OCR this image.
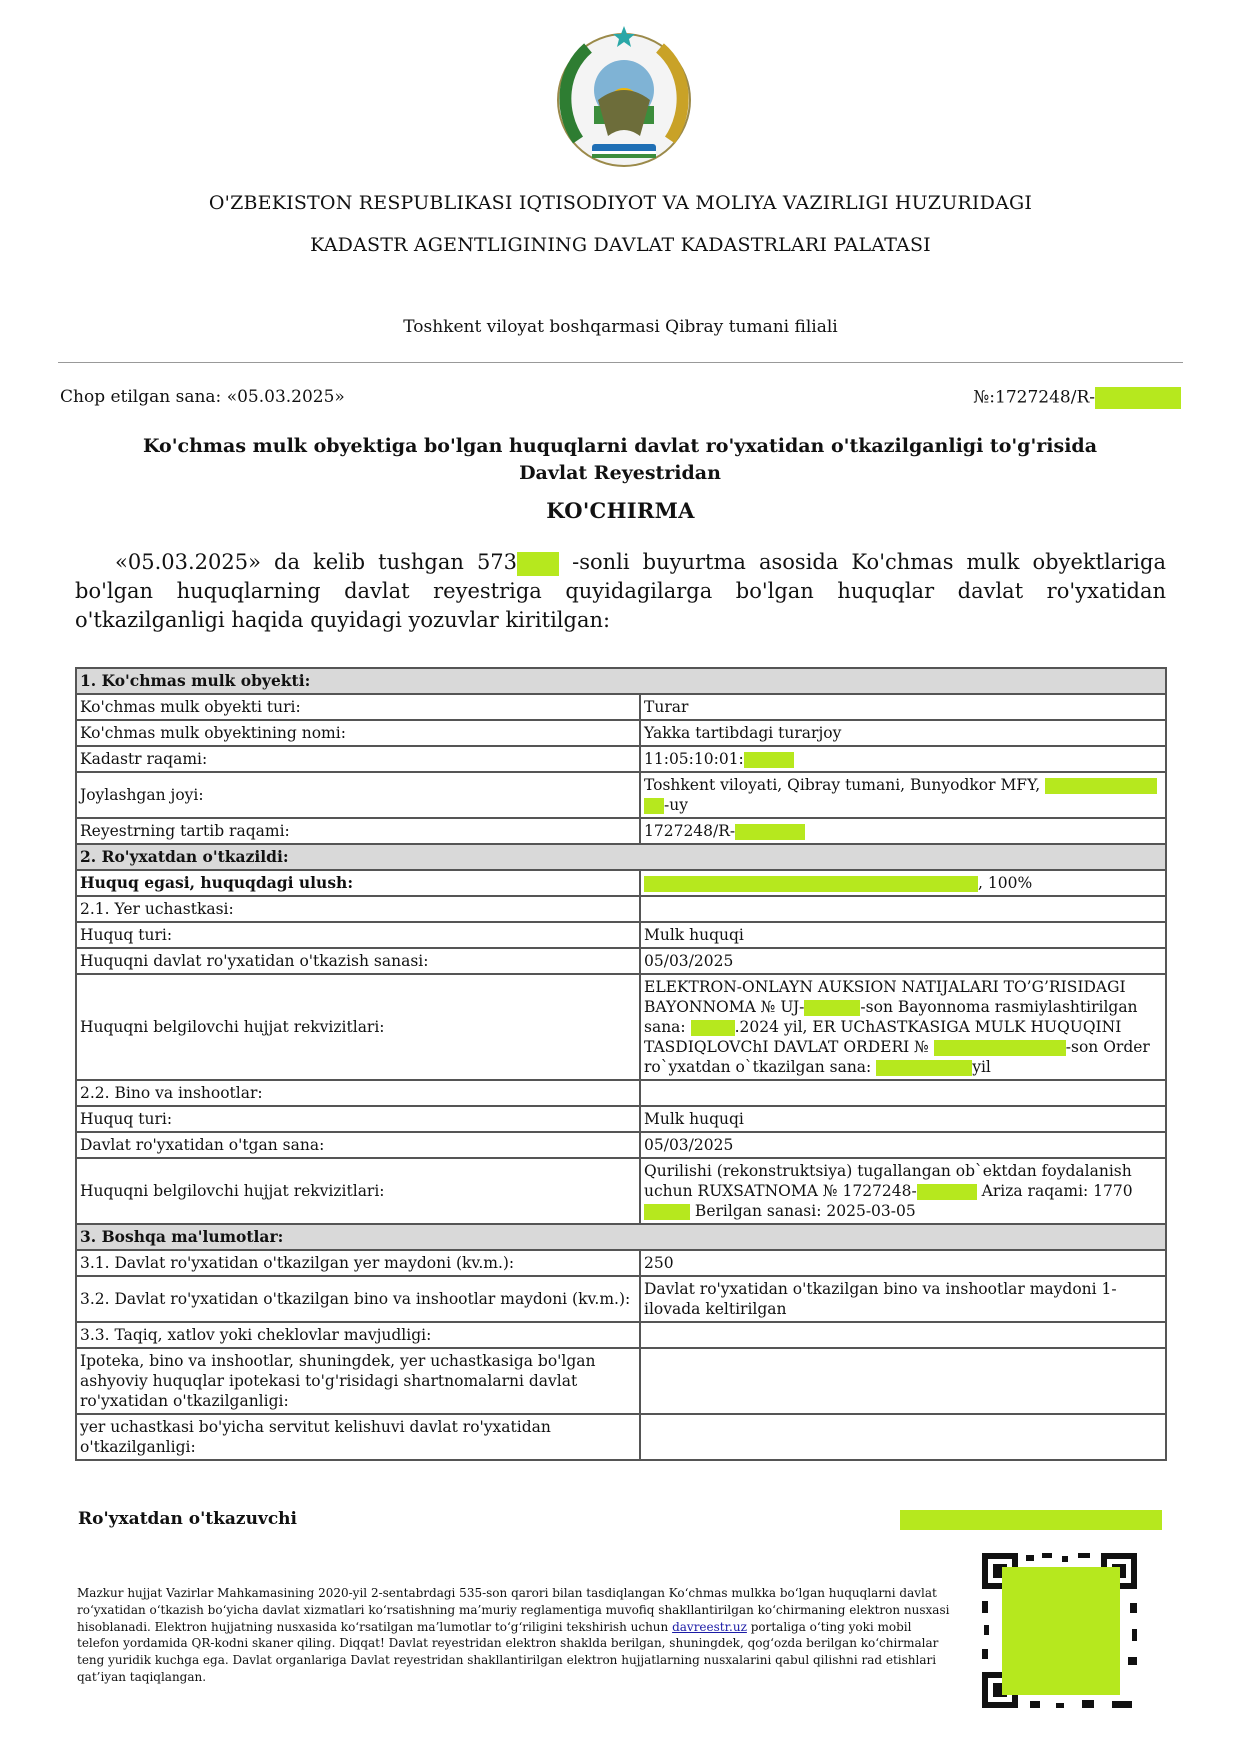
O'ZBEKISTON RESPUBLIKASI IQTISODIYOT VA MOLIYA VAZIRLIGI HUZURIDAGI
KADASTR AGENTLIGINING DAVLAT KADASTRLARI PALATASI
Toshkent viloyat boshqarmasi Qibray tumani filiali
Chop etilgan sana: «05.03.2025»	№:1727248/R-
Ko'chmas mulk obyektiga bo'lgan huquqlarni davlat ro'yxatidan o'tkazilganligi to'g'risida Davlat Reyestridan
KO'CHIRMA
«05.03.2025» da kelib tushgan 573 -sonli buyurtma asosida Ko'chmas mulk obyektlariga bo'lgan huquqlarning davlat reyestriga quyidagilarga bo'lgan huquqlar davlat ro'yxatidan o'tkazilganligi haqida quyidagi yozuvlar kiritilgan:
1. Ko'chmas mulk obyekti:	
Ko'chmas mulk obyekti turi:	Turar
Ko'chmas mulk obyektining nomi:	Yakka tartibdagi turarjoy
Kadastr raqami:	11:05:10:01:
Joylashgan joyi:	Toshkent viloyati, Qibray tumani, Bunyodkor MFY,
-uy
Reyestrning tartib raqami:	1727248/R-
2. Ro'yxatdan o'tkazildi:	
Huquq egasi, huquqdagi ulush:	, 100%
2.1. Yer uchastkasi:	
Huquq turi:	Mulk huquqi
Huquqni davlat ro'yxatidan o'tkazish sanasi:	05/03/2025
Huquqni belgilovchi hujjat rekvizitlari:	ELEKTRON-ONLAYN AUKSION NATIJALARI TO’G’RISIDAGI BAYONNOMA № UJ- -son Bayonnoma rasmiylashtirilgan sana: .2024 yil, ER UChASTKASIGA MULK HUQUQINI TASDIQLOVChI DAVLAT ORDERI № -son Order ro`yxatdan o`tkazilgan sana: yil
2.2. Bino va inshootlar:	
Huquq turi:	Mulk huquqi
Davlat ro'yxatidan o'tgan sana:	05/03/2025
Huquqni belgilovchi hujjat rekvizitlari:	Qurilishi (rekonstruktsiya) tugallangan ob`ektdan foydalanish uchun RUXSATNOMA № 1727248- Ariza raqami: 1770 Berilgan sanasi: 2025-03-05
3. Boshqa ma'lumotlar:	
3.1. Davlat ro'yxatidan o'tkazilgan yer maydoni (kv.m.):	250
3.2. Davlat ro'yxatidan o'tkazilgan bino va inshootlar maydoni (kv.m.):	Davlat ro'yxatidan o'tkazilgan bino va inshootlar maydoni 1-ilovada keltirilgan
3.3. Taqiq, xatlov yoki cheklovlar mavjudligi:	
Ipoteka, bino va inshootlar, shuningdek, yer uchastkasiga bo'lgan ashyoviy huquqlar ipotekasi to'g'risidagi shartnomalarni davlat ro'yxatidan o'tkazilganligi:	
yer uchastkasi bo'yicha servitut kelishuvi davlat ro'yxatidan o'tkazilganligi:	
Ro'yxatdan o'tkazuvchi
Mazkur hujjat Vazirlar Mahkamasining 2020-yil 2-sentabrdagi 535-son qarori bilan tasdiqlangan Ko‘chmas mulkka bo‘lgan huquqlarni davlat ro‘yxatidan o‘tkazish bo‘yicha davlat xizmatlari ko‘rsatishning ma’muriy reglamentiga muvofiq shakllantirilgan ko‘chirmaning elektron nusxasi hisoblanadi. Elektron hujjatning nusxasida ko‘rsatilgan ma’lumotlar to‘g‘riligini tekshirish uchun davreestr.uz portaliga o‘ting yoki mobil telefon yordamida QR-kodni skaner qiling. Diqqat! Davlat reyestridan elektron shaklda berilgan, shuningdek, qog‘ozda berilgan ko‘chirmalar teng yuridik kuchga ega. Davlat organlariga Davlat reyestridan shakllantirilgan elektron hujjatlarning nusxalarini qabul qilishni rad etishlari qat’iyan taqiqlangan.
